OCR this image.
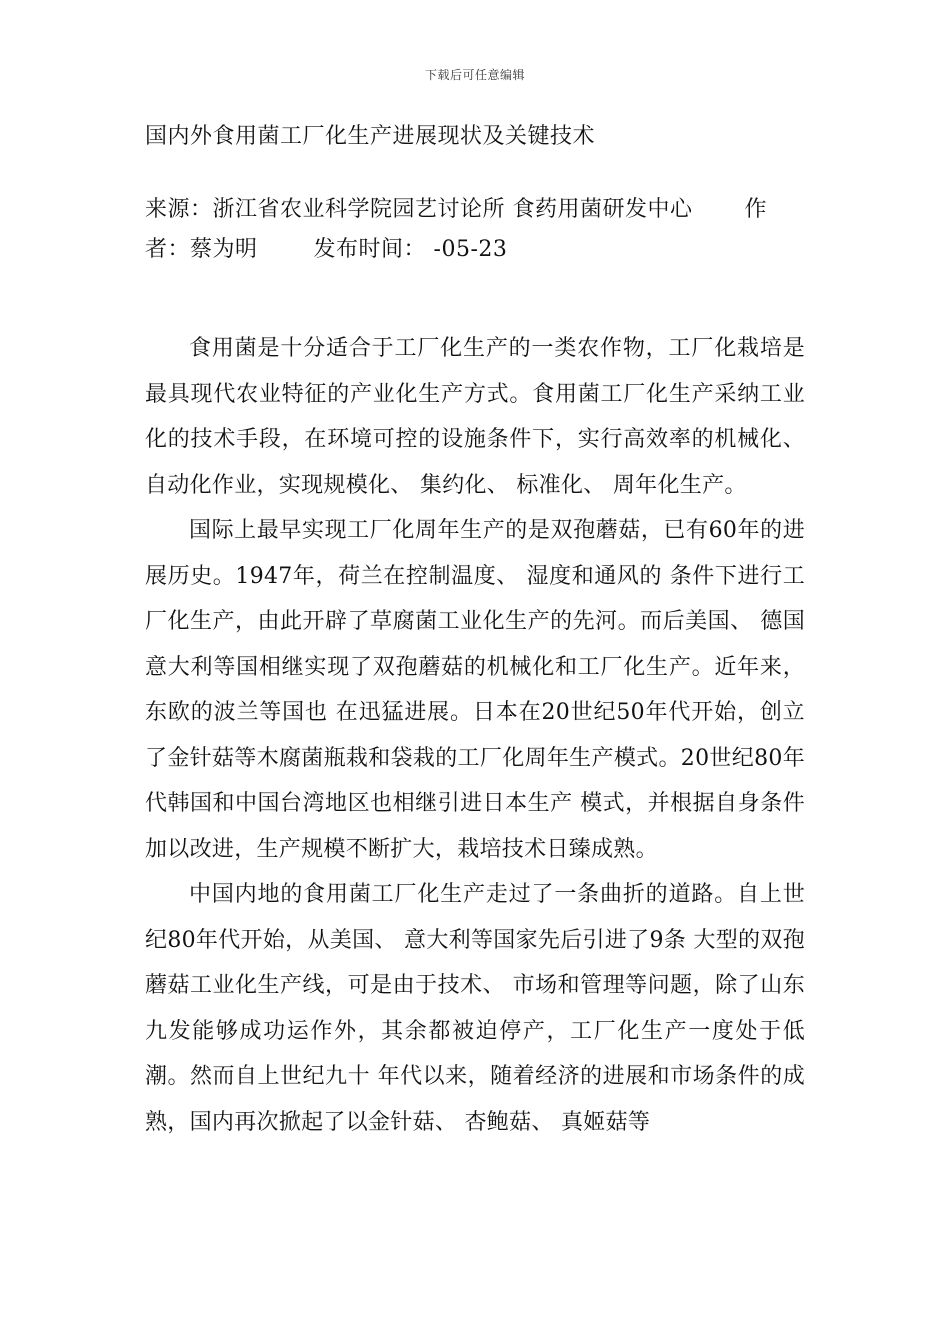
下载后可任意编辑
国内外食用菌工厂化生产进展现状及关键技术
来源：浙江省农业科学院园艺讨论所 食药用菌研发中心 作者：蔡为明	发布时间： -05-23

食用菌是十分适合于工厂化生产的一类农作物，工厂化栽培是最具现代农业特征的产业化生产方式。食用菌工厂化生产采纳工业化的技术手段，在环境可控的设施条件下，实行高效率的机械化、 自动化作业，实现规模化、 集约化、 标准化、 周年化生产。

国际上最早实现工厂化周年生产的是双孢蘑菇，已有60年的进展历史。1947年，荷兰在控制温度、 湿度和通风的 条件下进行工厂化生产，由此开辟了草腐菌工业化生产的先河。而后美国、 德国意大利等国相继实现了双孢蘑菇的机械化和工厂化生产。近年来，东欧的波兰等国也 在迅猛进展。日本在20世纪50年代开始，创立了金针菇等木腐菌瓶栽和袋栽的工厂化周年生产模式。20世纪80年代韩国和中国台湾地区也相继引进日本生产 模式，并根据自身条件加以改进，生产规模不断扩大，栽培技术日臻成熟。

中国内地的食用菌工厂化生产走过了一条曲折的道路。自上世纪80年代开始，从美国、 意大利等国家先后引进了9条 大型的双孢蘑菇工业化生产线，可是由于技术、 市场和管理等问题，除了山东九发能够成功运作外，其余都被迫停产，工厂化生产一度处于低潮。然而自上世纪九十 年代以来，随着经济的进展和市场条件的成熟，国内再次掀起了以金针菇、 杏鲍菇、 真姬菇等
